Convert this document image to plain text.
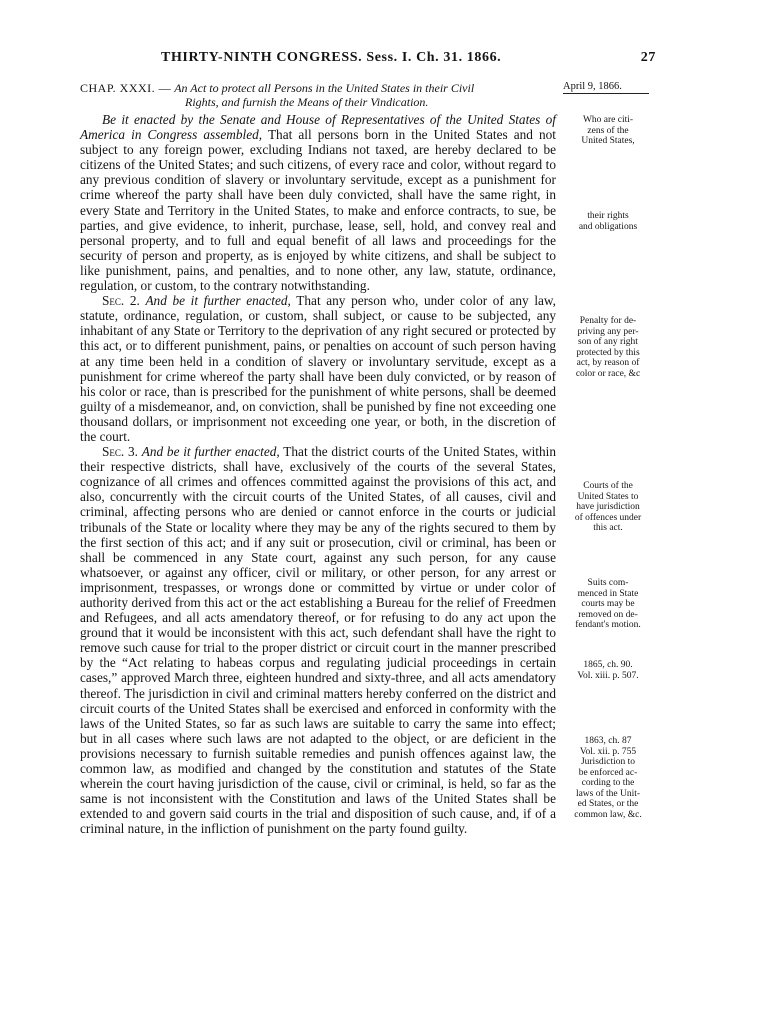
THIRTY-NINTH CONGRESS. Sess. I. Ch. 31. 1866.	27
CHAP. XXXI. — An Act to protect all Persons in the United States in their Civil
Rights, and furnish the Means of their Vindication.
April 9, 1866.

Be it enacted by the Senate and House of Representatives of the United States of America in Congress assembled, That all persons born in the United States and not subject to any foreign power, excluding Indians not taxed, are hereby declared to be citizens of the United States; and such citizens, of every race and color, without regard to any previous condition of slavery or involuntary servitude, except as a punishment for crime whereof the party shall have been duly convicted, shall have the same right, in every State and Territory in the United States, to make and enforce contracts, to sue, be parties, and give evidence, to inherit, purchase, lease, sell, hold, and convey real and personal property, and to full and equal benefit of all laws and proceedings for the security of person and property, as is enjoyed by white citizens, and shall be subject to like punishment, pains, and penalties, and to none other, any law, statute, ordinance, regulation, or custom, to the contrary notwithstanding.

Sec. 2. And be it further enacted, That any person who, under color of any law, statute, ordinance, regulation, or custom, shall subject, or cause to be subjected, any inhabitant of any State or Territory to the deprivation of any right secured or protected by this act, or to different punishment, pains, or penalties on account of such person having at any time been held in a condition of slavery or involuntary servitude, except as a punishment for crime whereof the party shall have been duly convicted, or by reason of his color or race, than is prescribed for the punishment of white persons, shall be deemed guilty of a misdemeanor, and, on conviction, shall be punished by fine not exceeding one thousand dollars, or imprisonment not exceeding one year, or both, in the discretion of the court.

Sec. 3. And be it further enacted, That the district courts of the United States, within their respective districts, shall have, exclusively of the courts of the several States, cognizance of all crimes and offences committed against the provisions of this act, and also, concurrently with the circuit courts of the United States, of all causes, civil and criminal, affecting persons who are denied or cannot enforce in the courts or judicial tribunals of the State or locality where they may be any of the rights secured to them by the first section of this act; and if any suit or prosecution, civil or criminal, has been or shall be commenced in any State court, against any such person, for any cause whatsoever, or against any officer, civil or military, or other person, for any arrest or imprisonment, trespasses, or wrongs done or committed by virtue or under color of authority derived from this act or the act establishing a Bureau for the relief of Freedmen and Refugees, and all acts amendatory thereof, or for refusing to do any act upon the ground that it would be inconsistent with this act, such defendant shall have the right to remove such cause for trial to the proper district or circuit court in the manner prescribed by the “Act relating to habeas corpus and regulating judicial proceedings in certain cases,” approved March three, eighteen hundred and sixty-three, and all acts amendatory thereof. The jurisdiction in civil and criminal matters hereby conferred on the district and circuit courts of the United States shall be exercised and enforced in conformity with the laws of the United States, so far as such laws are suitable to carry the same into effect; but in all cases where such laws are not adapted to the object, or are deficient in the provisions necessary to furnish suitable remedies and punish offences against law, the common law, as modified and changed by the constitution and statutes of the State wherein the court having jurisdiction of the cause, civil or criminal, is held, so far as the same is not inconsistent with the Constitution and laws of the United States shall be extended to and govern said courts in the trial and disposition of such cause, and, if of a criminal nature, in the infliction of punishment on the party found guilty.

Who are citi-
zens of the
United States,
their rights
and obligations
Penalty for de-
priving any per-
son of any right
protected by this
act, by reason of
color or race, &c
Courts of the
United States to
have jurisdiction
of offences under
this act.
Suits com-
menced in State
courts may be
removed on de-
fendant's motion.
1865, ch. 90.
Vol. xiii. p. 507.
1863, ch. 87
Vol. xii. p. 755
Jurisdiction to
be enforced ac-
cording to the
laws of the Unit-
ed States, or the
common law, &c.
